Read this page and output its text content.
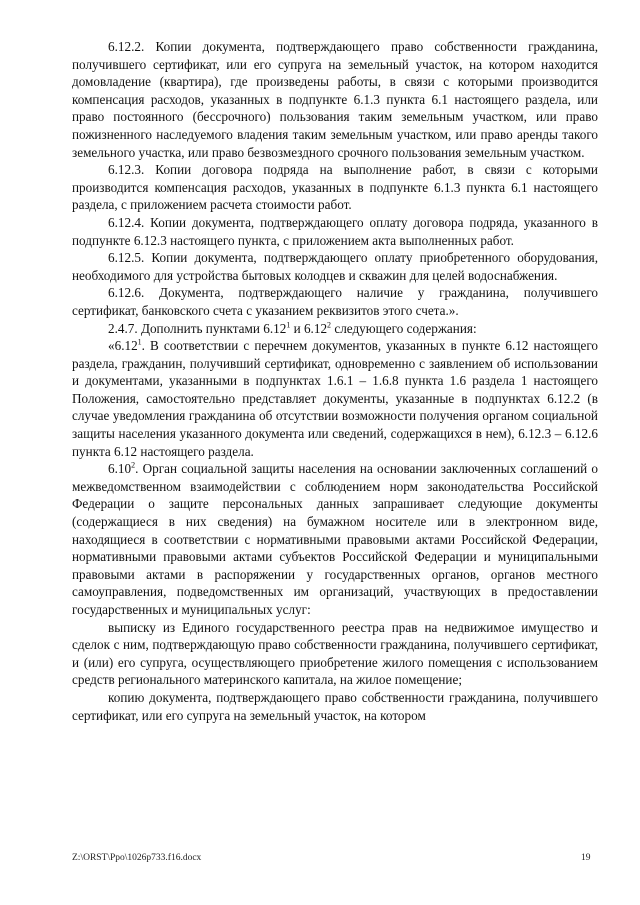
6.12.2. Копии документа, подтверждающего право собственности гражданина, получившего сертификат, или его супруга на земельный участок, на котором находится домовладение (квартира), где произведены работы, в связи с которыми производится компенсация расходов, указанных в подпункте 6.1.3 пункта 6.1 настоящего раздела, или право постоянного (бессрочного) пользования таким земельным участком, или право пожизненного наследуемого владения таким земельным участком, или право аренды такого земельного участка, или право безвозмездного срочного пользования земельным участком.

6.12.3. Копии договора подряда на выполнение работ, в связи с которыми производится компенсация расходов, указанных в подпункте 6.1.3 пункта 6.1 настоящего раздела, с приложением расчета стоимости работ.

6.12.4. Копии документа, подтверждающего оплату договора подряда, указанного в подпункте 6.12.3 настоящего пункта, с приложением акта выполненных работ.

6.12.5. Копии документа, подтверждающего оплату приобретенного оборудования, необходимого для устройства бытовых колодцев и скважин для целей водоснабжения.

6.12.6. Документа, подтверждающего наличие у гражданина, получившего сертификат, банковского счета с указанием реквизитов этого счета.».

2.4.7. Дополнить пунктами 6.12$^1$ и 6.12$^2$ следующего содержания:

«6.12$^1$. В соответствии с перечнем документов, указанных в пункте 6.12 настоящего раздела, гражданин, получивший сертификат, одновременно с заявлением об использовании и документами, указанными в подпунктах 1.6.1 – 1.6.8 пункта 1.6 раздела 1 настоящего Положения, самостоятельно представляет документы, указанные в подпунктах 6.12.2 (в случае уведомления гражданина об отсутствии возможности получения органом социальной защиты населения указанного документа или сведений, содержащихся в нем), 6.12.3 – 6.12.6 пункта 6.12 настоящего раздела.

6.10$^2$. Орган социальной защиты населения на основании заключенных соглашений о межведомственном взаимодействии с соблюдением норм законодательства Российской Федерации о защите персональных данных запрашивает следующие документы (содержащиеся в них сведения) на бумажном носителе или в электронном виде, находящиеся в соответствии с нормативными правовыми актами Российской Федерации, нормативными правовыми актами субъектов Российской Федерации и муниципальными правовыми актами в распоряжении у государственных органов, органов местного самоуправления, подведомственных им организаций, участвующих в предоставлении государственных и муниципальных услуг:

выписку из Единого государственного реестра прав на недвижимое имущество и сделок с ним, подтверждающую право собственности гражданина, получившего сертификат, и (или) его супруга, осуществляющего приобретение жилого помещения с использованием средств регионального материнского капитала, на жилое помещение;

копию документа, подтверждающего право собственности гражданина, получившего сертификат, или его супруга на земельный участок, на котором

Z:\ORST\Ppo\1026p733.f16.docx	19
